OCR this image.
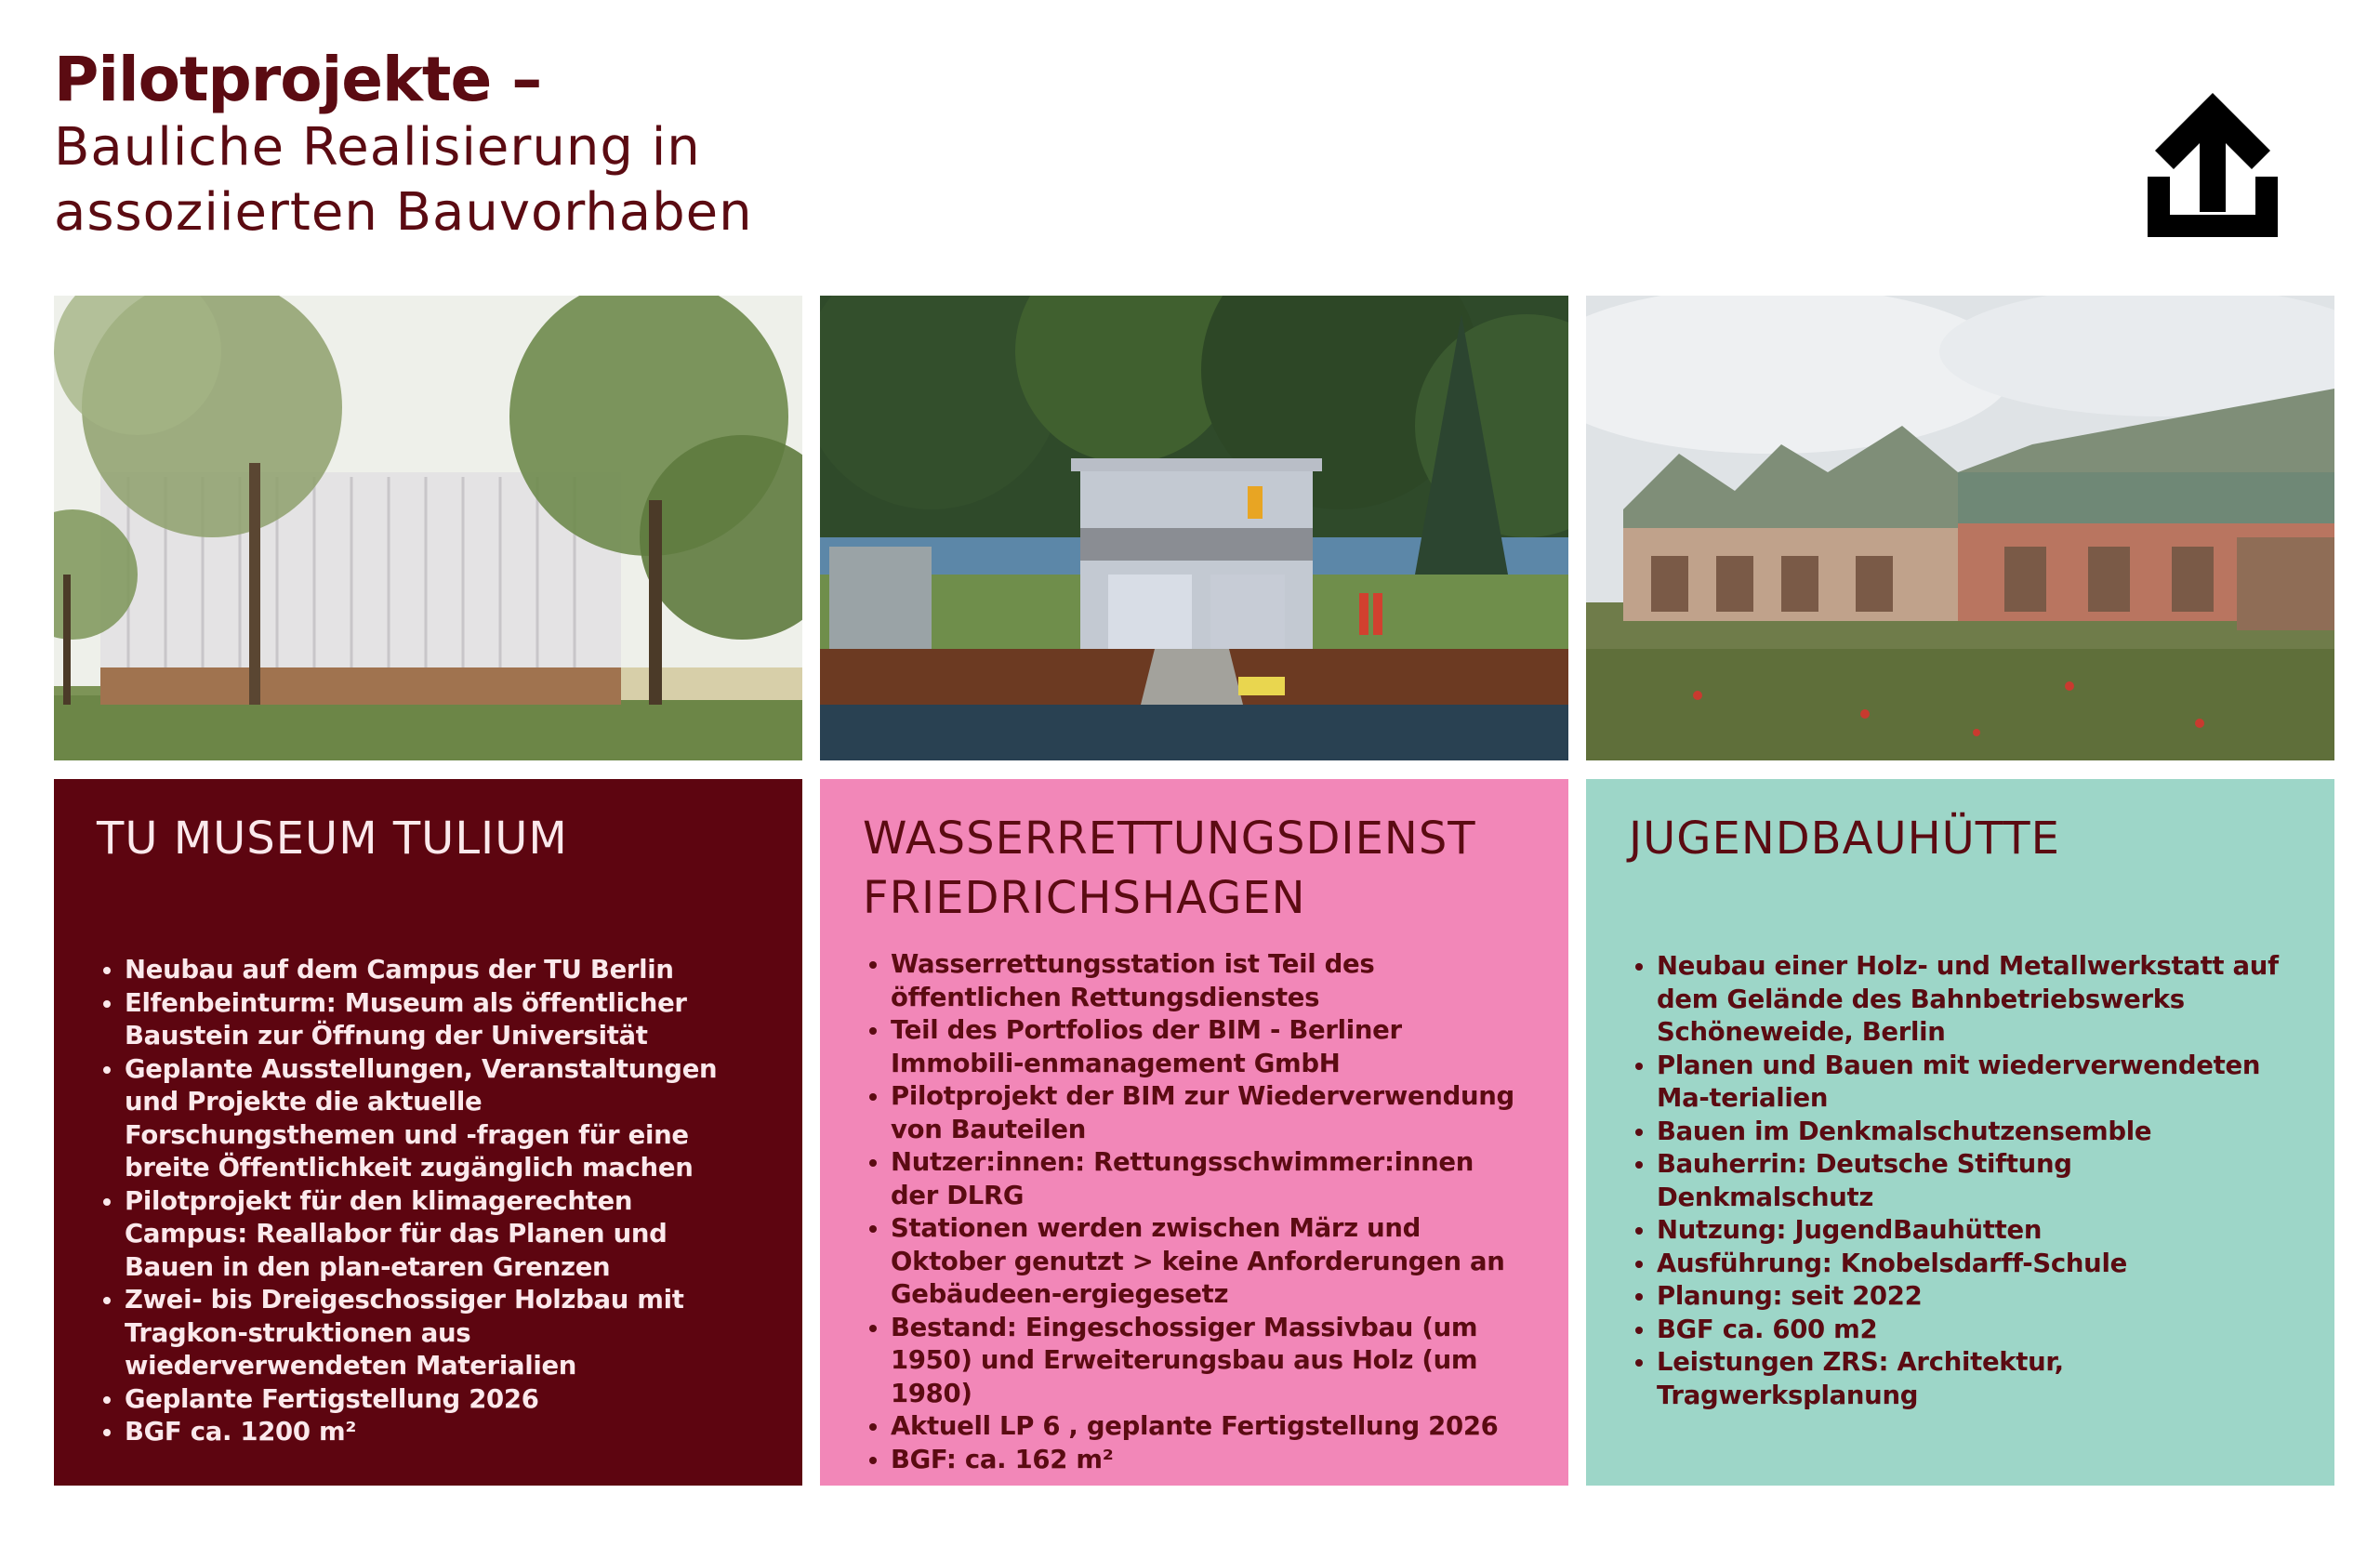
Pilotprojekte –

Bauliche Realisierung in

assoziierten Bauvorhaben

TU MUSEUM TULIUM
• Neubau auf dem Campus der TU Berlin
• Elfenbeinturm: Museum als öffentlicher Baustein zur Öffnung der Universität
• Geplante Ausstellungen, Veranstaltungen und Projekte die aktuelle Forschungsthemen und -fragen für eine breite Öffentlichkeit zugänglich machen
• Pilotprojekt für den klimagerechten Campus: Reallabor für das Planen und Bauen in den plan-etaren Grenzen
• Zwei- bis Dreigeschossiger Holzbau mit Tragkon-struktionen aus wiederverwendeten Materialien
• Geplante Fertigstellung 2026
• BGF ca. 1200 m²
WASSERRETTUNGSDIENST FRIEDRICHSHAGEN
• Wasserrettungsstation ist Teil des öffentlichen Rettungsdienstes
• Teil des Portfolios der BIM - Berliner Immobili-enmanagement GmbH
• Pilotprojekt der BIM zur Wiederverwendung von Bauteilen
• Nutzer:innen: Rettungsschwimmer:innen der DLRG
• Stationen werden zwischen März und Oktober genutzt > keine Anforderungen an Gebäudeen-ergiegesetz
• Bestand: Eingeschossiger Massivbau (um 1950) und Erweiterungsbau aus Holz (um 1980)
• Aktuell LP 6 , geplante Fertigstellung 2026
• BGF: ca. 162 m²
JUGENDBAUHÜTTE
• Neubau einer Holz- und Metallwerkstatt auf dem Gelände des Bahnbetriebswerks Schöneweide, Berlin
• Planen und Bauen mit wiederverwendeten Ma-terialien
• Bauen im Denkmalschutzensemble
• Bauherrin: Deutsche Stiftung Denkmalschutz
• Nutzung: JugendBauhütten
• Ausführung: Knobelsdarff-Schule
• Planung: seit 2022
• BGF ca. 600 m2
• Leistungen ZRS: Architektur, Tragwerksplanung
